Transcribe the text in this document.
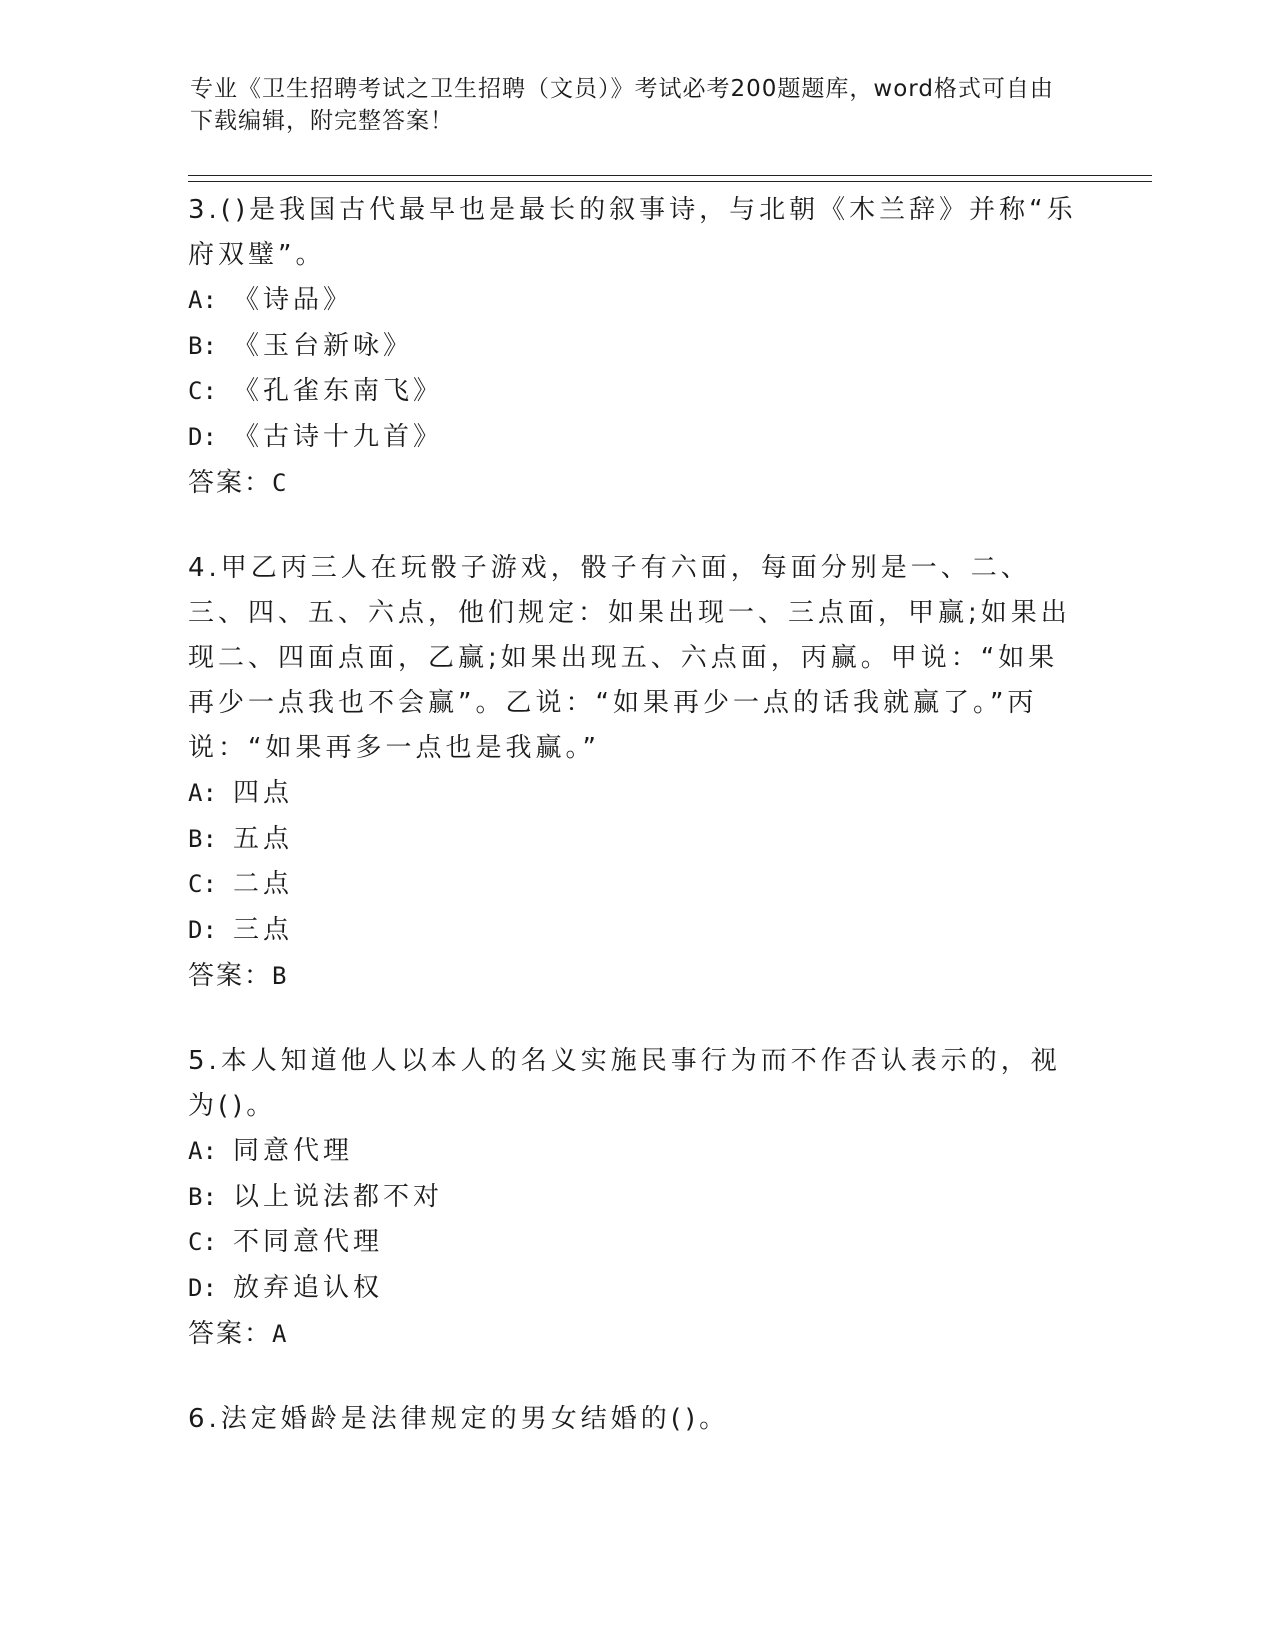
专业《卫生招聘考试之卫生招聘（文员）》考试必考200题题库，word格式可自由下载编辑，附完整答案！
3.()是我国古代最早也是最长的叙事诗，与北朝《木兰辞》并称“乐府双璧”。
A: 《诗品》
B: 《玉台新咏》
C: 《孔雀东南飞》
D: 《古诗十九首》
答案：C
4.甲乙丙三人在玩骰子游戏，骰子有六面，每面分别是一、二、三、四、五、六点，他们规定：如果出现一、三点面，甲赢;如果出现二、四面点面，乙赢;如果出现五、六点面，丙赢。甲说：“如果再少一点我也不会赢”。乙说：“如果再少一点的话我就赢了。”丙说：“如果再多一点也是我赢。”
A: 四点
B: 五点
C: 二点
D: 三点
答案：B
5.本人知道他人以本人的名义实施民事行为而不作否认表示的，视为()。
A: 同意代理
B: 以上说法都不对
C: 不同意代理
D: 放弃追认权
答案：A
6.法定婚龄是法律规定的男女结婚的()。
